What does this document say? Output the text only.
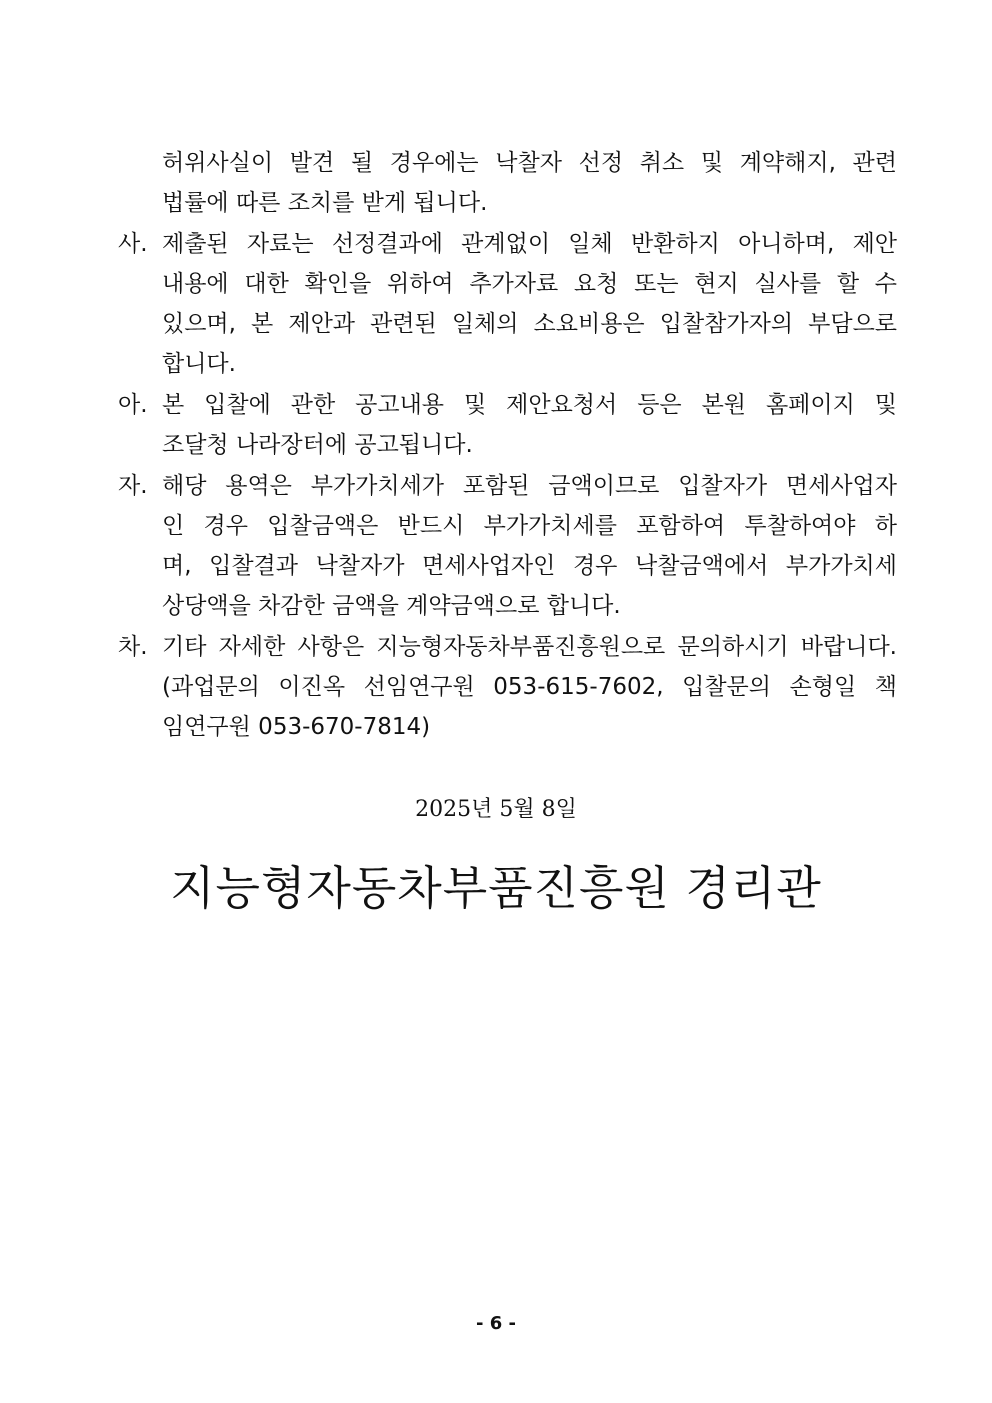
허위사실이 발견 될 경우에는 낙찰자 선정 취소 및 계약해지, 관련
법률에 따른 조치를 받게 됩니다.
사. 제출된 자료는 선정결과에 관계없이 일체 반환하지 아니하며, 제안
내용에 대한 확인을 위하여 추가자료 요청 또는 현지 실사를 할 수
있으며, 본 제안과 관련된 일체의 소요비용은 입찰참가자의 부담으로
합니다.
아. 본 입찰에 관한 공고내용 및 제안요청서 등은 본원 홈페이지 및
조달청 나라장터에 공고됩니다.
자. 해당 용역은 부가가치세가 포함된 금액이므로 입찰자가 면세사업자
인 경우 입찰금액은 반드시 부가가치세를 포함하여 투찰하여야 하
며, 입찰결과 낙찰자가 면세사업자인 경우 낙찰금액에서 부가가치세
상당액을 차감한 금액을 계약금액으로 합니다.
차. 기타 자세한 사항은 지능형자동차부품진흥원으로 문의하시기 바랍니다.
(과업문의 이진옥 선임연구원 053-615-7602, 입찰문의 손형일 책
임연구원 053-670-7814)
2025년 5월 8일
지능형자동차부품진흥원 경리관
- 6 -
